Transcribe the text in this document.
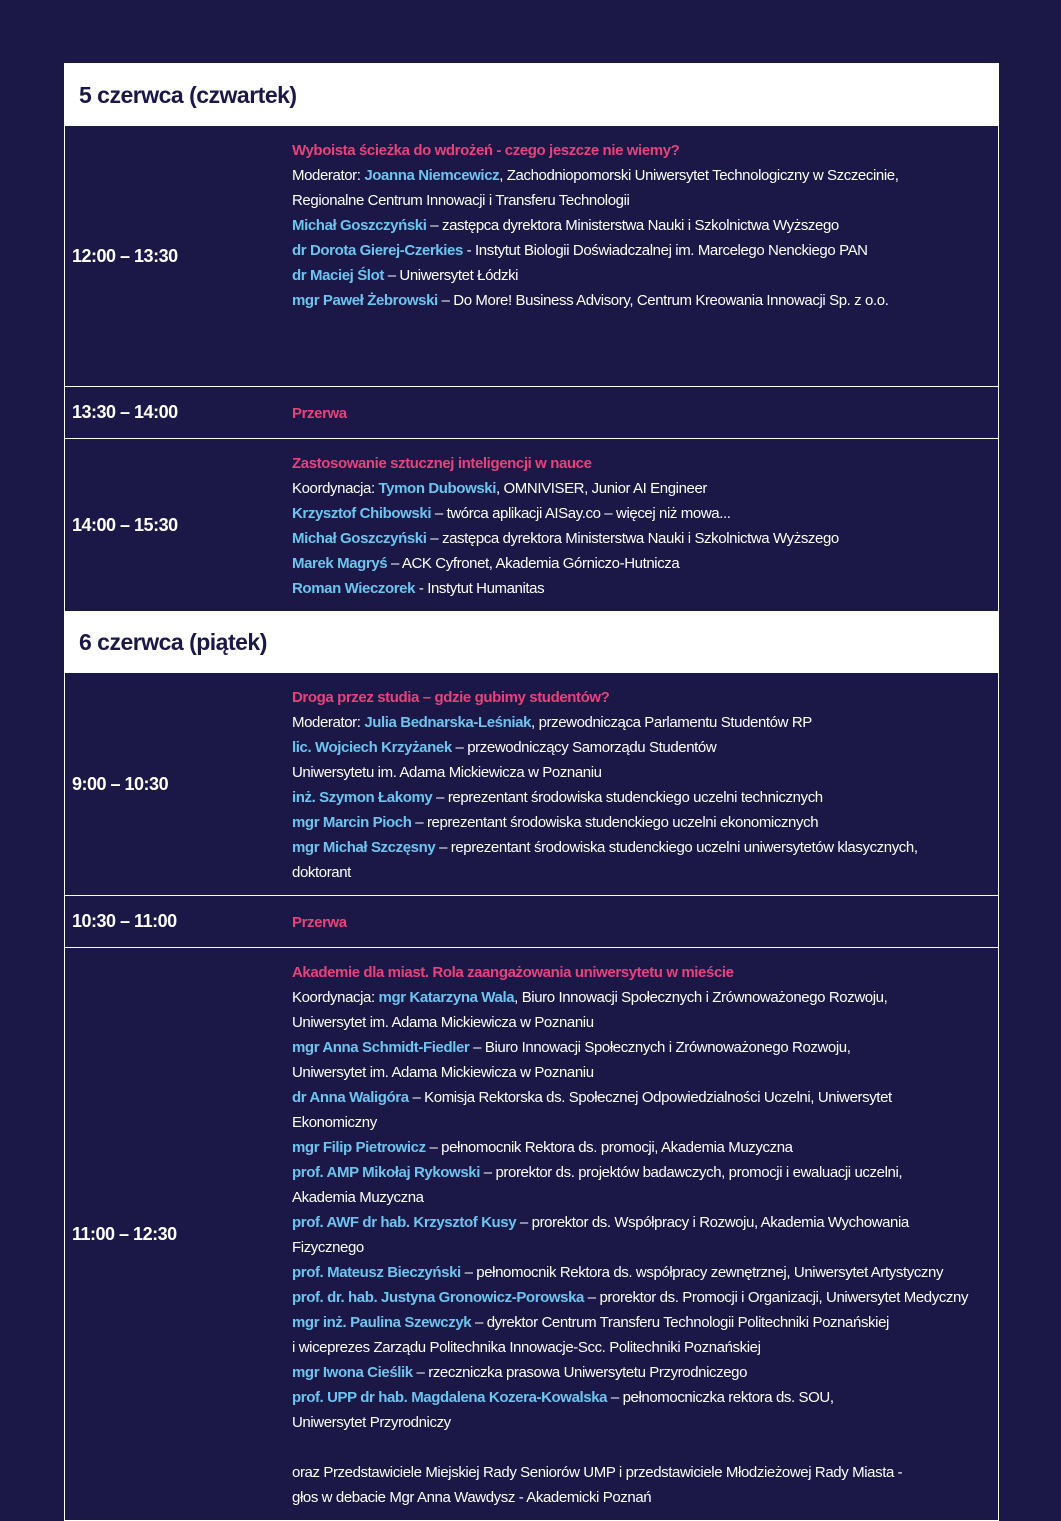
5 czerwca (czwartek)
12:00 – 13:30
Wyboista ścieżka do wdrożeń - czego jeszcze nie wiemy?
Moderator: Joanna Niemcewicz, Zachodniopomorski Uniwersytet Technologiczny w Szczecinie,
Regionalne Centrum Innowacji i Transferu Technologii
Michał Goszczyński – zastępca dyrektora Ministerstwa Nauki i Szkolnictwa Wyższego
dr Dorota Gierej-Czerkies - Instytut Biologii Doświadczalnej im. Marcelego Nenckiego PAN
dr Maciej Ślot – Uniwersytet Łódzki
mgr Paweł Żebrowski – Do More! Business Advisory, Centrum Kreowania Innowacji Sp. z o.o.
13:30 – 14:00	Przerwa
14:00 – 15:30
Zastosowanie sztucznej inteligencji w nauce
Koordynacja: Tymon Dubowski, OMNIVISER, Junior AI Engineer
Krzysztof Chibowski – twórca aplikacji AISay.co – więcej niż mowa...
Michał Goszczyński – zastępca dyrektora Ministerstwa Nauki i Szkolnictwa Wyższego
Marek Magryś – ACK Cyfronet, Akademia Górniczo-Hutnicza
Roman Wieczorek - Instytut Humanitas
6 czerwca (piątek)
9:00 – 10:30
Droga przez studia – gdzie gubimy studentów?
Moderator: Julia Bednarska-Leśniak, przewodnicząca Parlamentu Studentów RP
lic. Wojciech Krzyżanek – przewodniczący Samorządu Studentów
Uniwersytetu im. Adama Mickiewicza w Poznaniu
inż. Szymon Łakomy – reprezentant środowiska studenckiego uczelni technicznych
mgr Marcin Pioch – reprezentant środowiska studenckiego uczelni ekonomicznych
mgr Michał Szczęsny – reprezentant środowiska studenckiego uczelni uniwersytetów klasycznych,
doktorant
10:30 – 11:00	Przerwa
11:00 – 12:30
Akademie dla miast. Rola zaangażowania uniwersytetu w mieście
Koordynacja: mgr Katarzyna Wala, Biuro Innowacji Społecznych i Zrównoważonego Rozwoju,
Uniwersytet im. Adama Mickiewicza w Poznaniu
mgr Anna Schmidt-Fiedler – Biuro Innowacji Społecznych i Zrównoważonego Rozwoju,
Uniwersytet im. Adama Mickiewicza w Poznaniu
dr Anna Waligóra – Komisja Rektorska ds. Społecznej Odpowiedzialności Uczelni, Uniwersytet
Ekonomiczny
mgr Filip Pietrowicz – pełnomocnik Rektora ds. promocji, Akademia Muzyczna
prof. AMP Mikołaj Rykowski – prorektor ds. projektów badawczych, promocji i ewaluacji uczelni,
Akademia Muzyczna
prof. AWF dr hab. Krzysztof Kusy – prorektor ds. Współpracy i Rozwoju, Akademia Wychowania
Fizycznego
prof. Mateusz Bieczyński – pełnomocnik Rektora ds. współpracy zewnętrznej, Uniwersytet Artystyczny
prof. dr. hab. Justyna Gronowicz-Porowska – prorektor ds. Promocji i Organizacji, Uniwersytet Medyczny
mgr inż. Paulina Szewczyk – dyrektor Centrum Transferu Technologii Politechniki Poznańskiej
i wiceprezes Zarządu Politechnika Innowacje-Scc. Politechniki Poznańskiej
mgr Iwona Cieślik – rzeczniczka prasowa Uniwersytetu Przyrodniczego
prof. UPP dr hab. Magdalena Kozera-Kowalska – pełnomocniczka rektora ds. SOU,
Uniwersytet Przyrodniczy
oraz Przedstawiciele Miejskiej Rady Seniorów UMP i przedstawiciele Młodzieżowej Rady Miasta -
głos w debacie Mgr Anna Wawdysz - Akademicki Poznań
